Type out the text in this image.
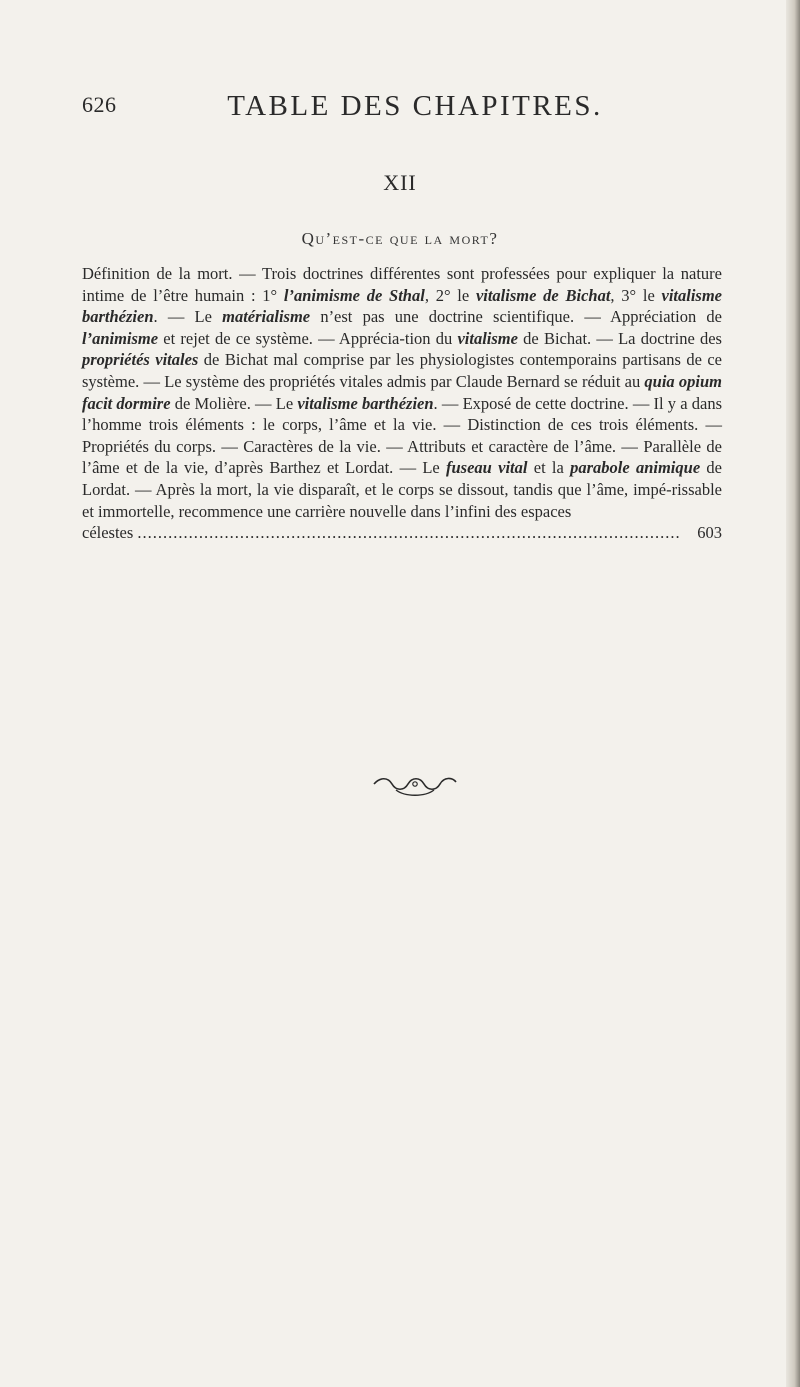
626	TABLE DES CHAPITRES.
XII
Qu’est-ce que la mort?
Définition de la mort. — Trois doctrines différentes sont professées pour expliquer la nature intime de l’être humain : 1° l’animisme de Sthal, 2° le vitalisme de Bichat, 3° le vitalisme barthézien. — Le matérialisme n’est pas une doctrine scientifique. — Appréciation de l’animisme et rejet de ce système. — Apprécia-tion du vitalisme de Bichat. — La doctrine des propriétés vitales de Bichat mal comprise par les physiologistes contemporains partisans de ce système. — Le système des propriétés vitales admis par Claude Bernard se réduit au quia opium facit dormire de Molière. — Le vitalisme barthézien. — Exposé de cette doctrine. — Il y a dans l’homme trois éléments : le corps, l’âme et la vie. — Distinction de ces trois éléments. — Propriétés du corps. — Caractères de la vie. — Attributs et caractère de l’âme. — Parallèle de l’âme et de la vie, d’après Barthez et Lordat. — Le fuseau vital et la parabole animique de Lordat. — Après la mort, la vie disparaît, et le corps se dissout, tandis que l’âme, impé-rissable et immortelle, recommence une carrière nouvelle dans l’infini des espaces
célestes ..........................................................................................................	603
